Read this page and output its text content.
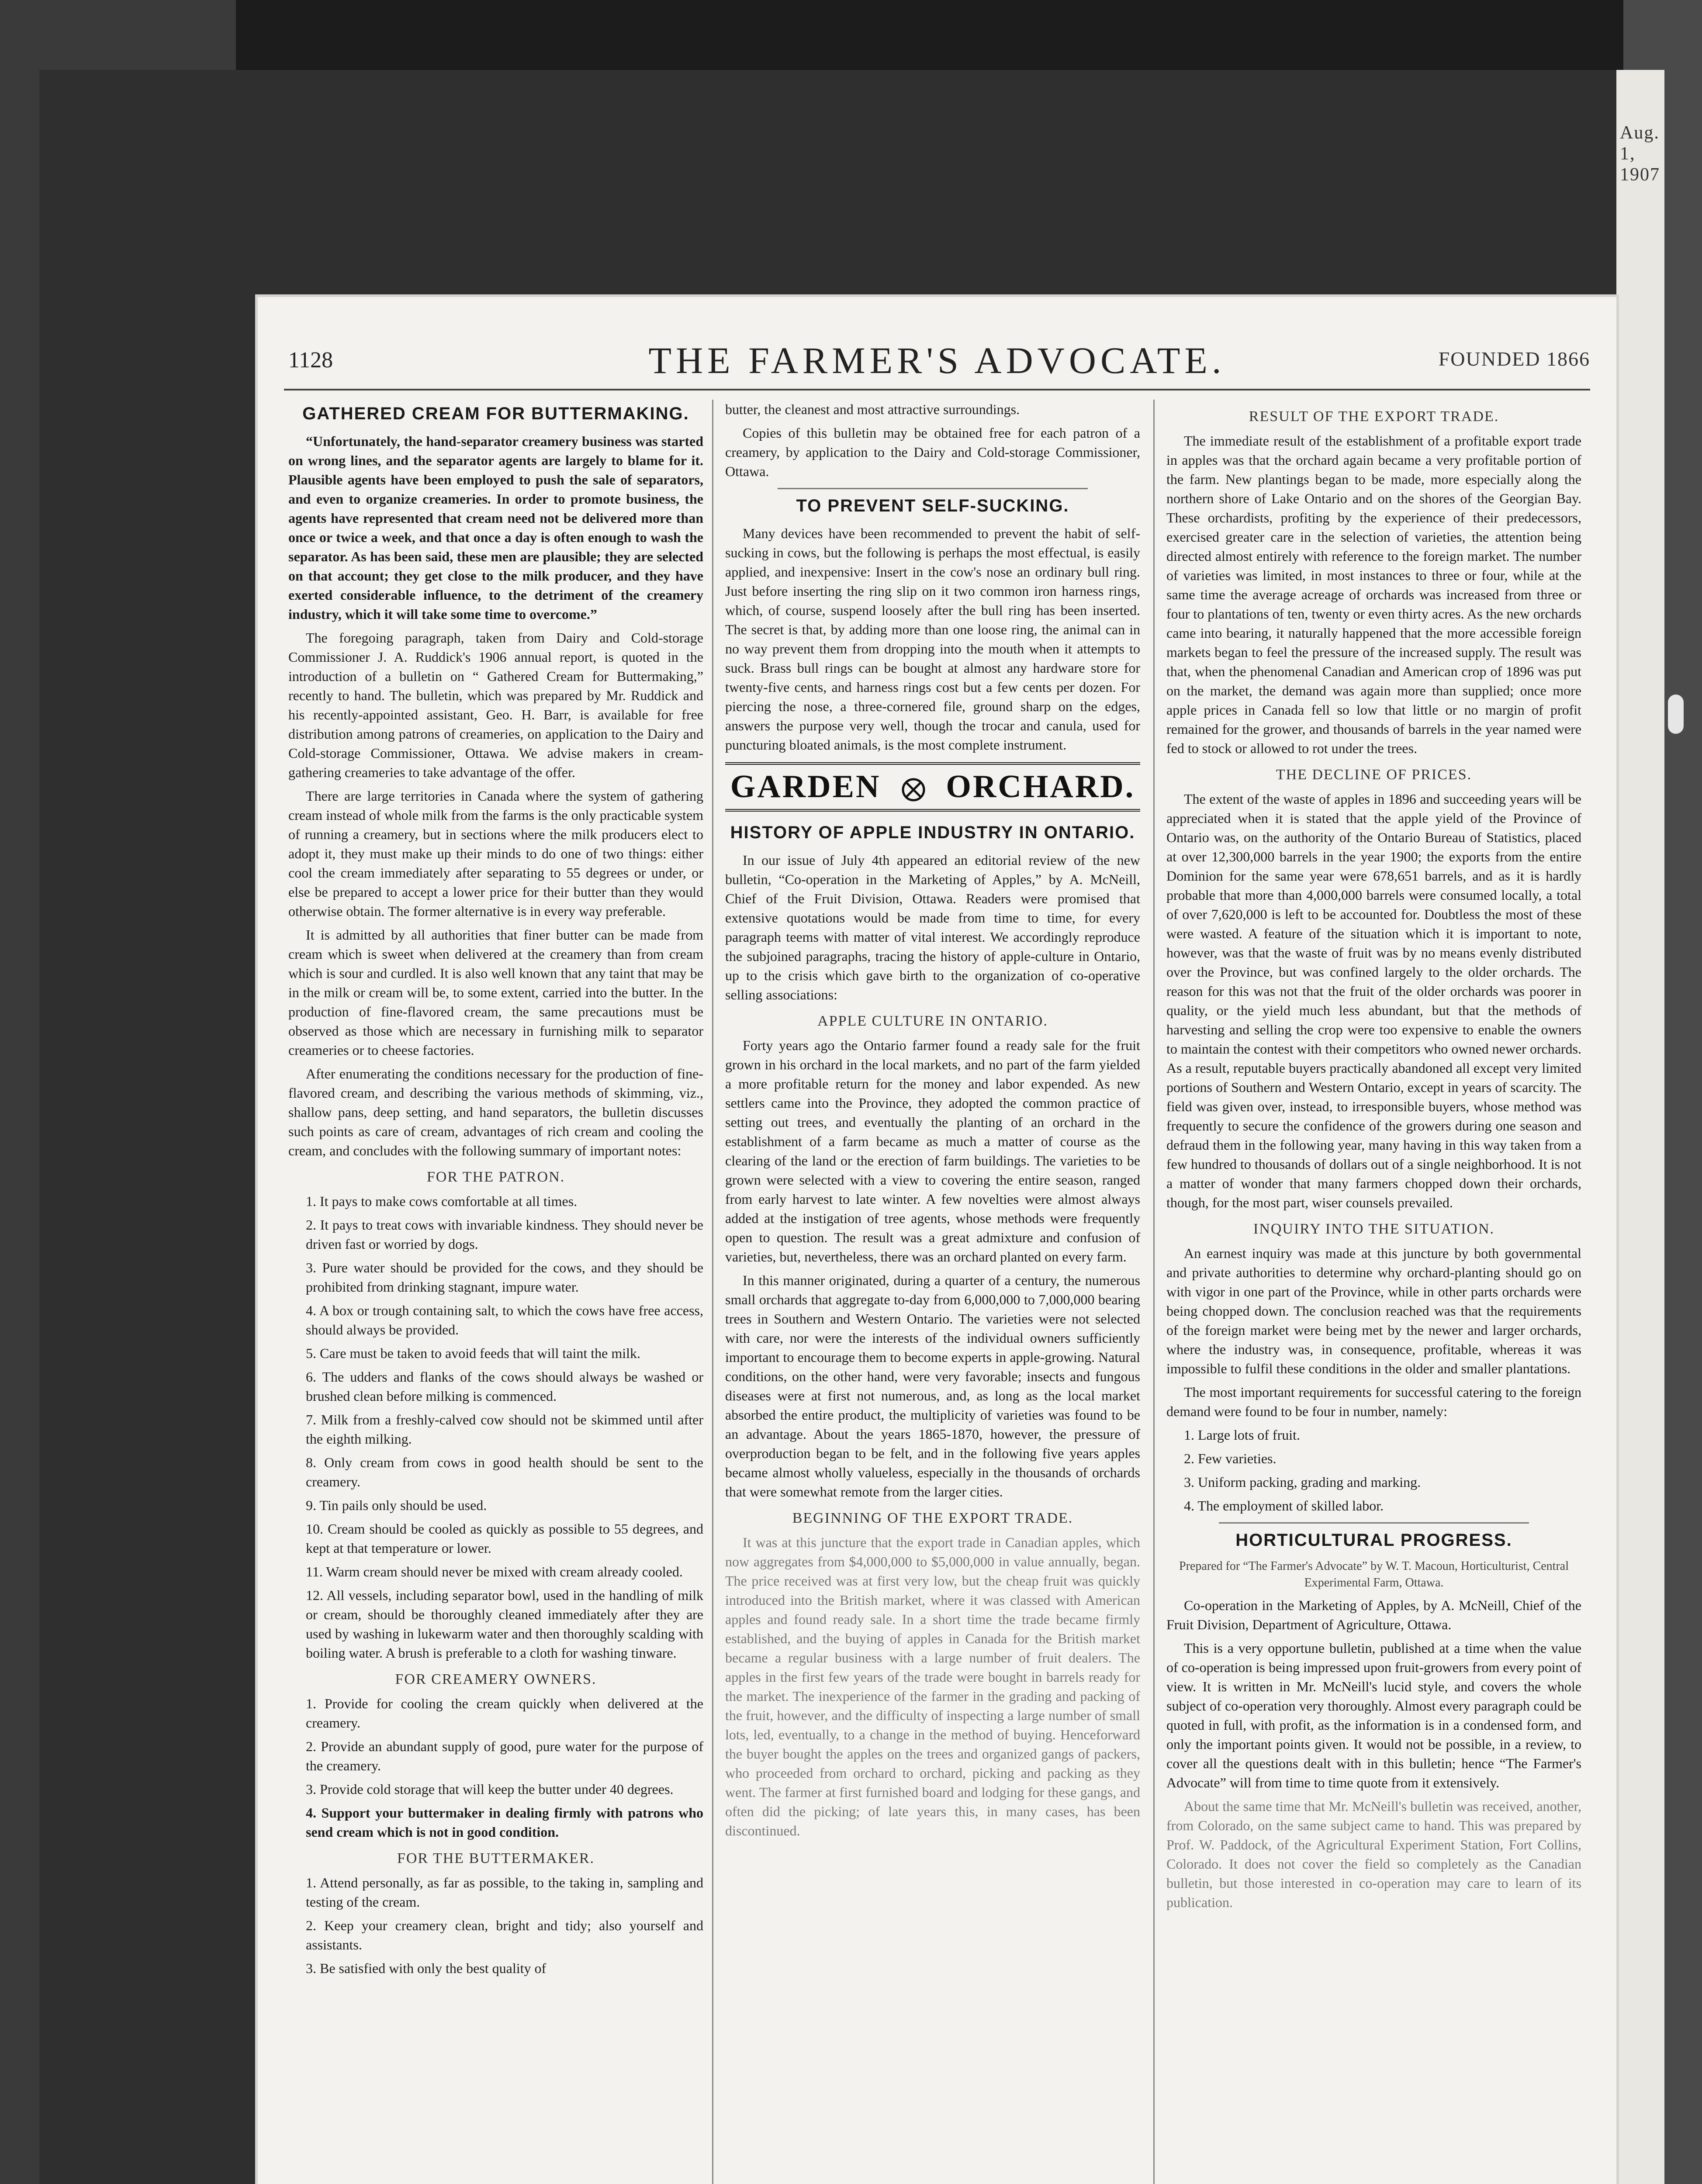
Aug. 1, 1907
THE FARMER'S ADVOCATE.
1128	FOUNDED 1866
GATHERED CREAM FOR BUTTERMAKING.

“Unfortunately, the hand-separator creamery business was started on wrong lines, and the separator agents are largely to blame for it. Plausible agents have been employed to push the sale of separators, and even to organize creameries. In order to promote business, the agents have represented that cream need not be delivered more than once or twice a week, and that once a day is often enough to wash the separator. As has been said, these men are plausible; they are selected on that account; they get close to the milk producer, and they have exerted considerable influence, to the detriment of the creamery industry, which it will take some time to overcome.”

The foregoing paragraph, taken from Dairy and Cold-storage Commissioner J. A. Ruddick's 1906 annual report, is quoted in the introduction of a bulletin on “ Gathered Cream for Buttermaking,” recently to hand. The bulletin, which was prepared by Mr. Ruddick and his recently-appointed assistant, Geo. H. Barr, is available for free distribution among patrons of creameries, on application to the Dairy and Cold-storage Commissioner, Ottawa. We advise makers in cream-gathering creameries to take advantage of the offer.

There are large territories in Canada where the system of gathering cream instead of whole milk from the farms is the only practicable system of running a creamery, but in sections where the milk producers elect to adopt it, they must make up their minds to do one of two things: either cool the cream immediately after separating to 55 degrees or under, or else be prepared to accept a lower price for their butter than they would otherwise obtain. The former alternative is in every way preferable.

It is admitted by all authorities that finer butter can be made from cream which is sweet when delivered at the creamery than from cream which is sour and curdled. It is also well known that any taint that may be in the milk or cream will be, to some extent, carried into the butter. In the production of fine-flavored cream, the same precautions must be observed as those which are necessary in furnishing milk to separator creameries or to cheese factories.

After enumerating the conditions necessary for the production of fine-flavored cream, and describing the various methods of skimming, viz., shallow pans, deep setting, and hand separators, the bulletin discusses such points as care of cream, advantages of rich cream and cooling the cream, and concludes with the following summary of important notes:

FOR THE PATRON.

1. It pays to make cows comfortable at all times.

2. It pays to treat cows with invariable kindness. They should never be driven fast or worried by dogs.

3. Pure water should be provided for the cows, and they should be prohibited from drinking stagnant, impure water.

4. A box or trough containing salt, to which the cows have free access, should always be provided.

5. Care must be taken to avoid feeds that will taint the milk.

6. The udders and flanks of the cows should always be washed or brushed clean before milking is commenced.

7. Milk from a freshly-calved cow should not be skimmed until after the eighth milking.

8. Only cream from cows in good health should be sent to the creamery.

9. Tin pails only should be used.

10. Cream should be cooled as quickly as possible to 55 degrees, and kept at that temperature or lower.

11. Warm cream should never be mixed with cream already cooled.

12. All vessels, including separator bowl, used in the handling of milk or cream, should be thoroughly cleaned immediately after they are used by washing in lukewarm water and then thoroughly scalding with boiling water. A brush is preferable to a cloth for washing tinware.

FOR CREAMERY OWNERS.

1. Provide for cooling the cream quickly when delivered at the creamery.

2. Provide an abundant supply of good, pure water for the purpose of the creamery.

3. Provide cold storage that will keep the butter under 40 degrees.

4. Support your buttermaker in dealing firmly with patrons who send cream which is not in good condition.

FOR THE BUTTERMAKER.

1. Attend personally, as far as possible, to the taking in, sampling and testing of the cream.

2. Keep your creamery clean, bright and tidy; also yourself and assistants.

3. Be satisfied with only the best quality of

butter, the cleanest and most attractive surroundings.

Copies of this bulletin may be obtained free for each patron of a creamery, by application to the Dairy and Cold-storage Commissioner, Ottawa.

TO PREVENT SELF-SUCKING.

Many devices have been recommended to prevent the habit of self-sucking in cows, but the following is perhaps the most effectual, is easily applied, and inexpensive: Insert in the cow's nose an ordinary bull ring. Just before inserting the ring slip on it two common iron harness rings, which, of course, suspend loosely after the bull ring has been inserted. The secret is that, by adding more than one loose ring, the animal can in no way prevent them from dropping into the mouth when it attempts to suck. Brass bull rings can be bought at almost any hardware store for twenty-five cents, and harness rings cost but a few cents per dozen. For piercing the nose, a three-cornered file, ground sharp on the edges, answers the purpose very well, though the trocar and canula, used for puncturing bloated animals, is the most complete instrument.

GARDEN ORCHARD.
HISTORY OF APPLE INDUSTRY IN ONTARIO.

In our issue of July 4th appeared an editorial review of the new bulletin, “Co-operation in the Marketing of Apples,” by A. McNeill, Chief of the Fruit Division, Ottawa. Readers were promised that extensive quotations would be made from time to time, for every paragraph teems with matter of vital interest. We accordingly reproduce the subjoined paragraphs, tracing the history of apple-culture in Ontario, up to the crisis which gave birth to the organization of co-operative selling associations:

APPLE CULTURE IN ONTARIO.

Forty years ago the Ontario farmer found a ready sale for the fruit grown in his orchard in the local markets, and no part of the farm yielded a more profitable return for the money and labor expended. As new settlers came into the Province, they adopted the common practice of setting out trees, and eventually the planting of an orchard in the establishment of a farm became as much a matter of course as the clearing of the land or the erection of farm buildings. The varieties to be grown were selected with a view to covering the entire season, ranged from early harvest to late winter. A few novelties were almost always added at the instigation of tree agents, whose methods were frequently open to question. The result was a great admixture and confusion of varieties, but, nevertheless, there was an orchard planted on every farm.

In this manner originated, during a quarter of a century, the numerous small orchards that aggregate to-day from 6,000,000 to 7,000,000 bearing trees in Southern and Western Ontario. The varieties were not selected with care, nor were the interests of the individual owners sufficiently important to encourage them to become experts in apple-growing. Natural conditions, on the other hand, were very favorable; insects and fungous diseases were at first not numerous, and, as long as the local market absorbed the entire product, the multiplicity of varieties was found to be an advantage. About the years 1865-1870, however, the pressure of overproduction began to be felt, and in the following five years apples became almost wholly valueless, especially in the thousands of orchards that were somewhat remote from the larger cities.

BEGINNING OF THE EXPORT TRADE.

It was at this juncture that the export trade in Canadian apples, which now aggregates from $4,000,000 to $5,000,000 in value annually, began. The price received was at first very low, but the cheap fruit was quickly introduced into the British market, where it was classed with American apples and found ready sale. In a short time the trade became firmly established, and the buying of apples in Canada for the British market became a regular business with a large number of fruit dealers. The apples in the first few years of the trade were bought in barrels ready for the market. The inexperience of the farmer in the grading and packing of the fruit, however, and the difficulty of inspecting a large number of small lots, led, eventually, to a change in the method of buying. Henceforward the buyer bought the apples on the trees and organized gangs of packers, who proceeded from orchard to orchard, picking and packing as they went. The farmer at first furnished board and lodging for these gangs, and often did the picking; of late years this, in many cases, has been discontinued.

RESULT OF THE EXPORT TRADE.

The immediate result of the establishment of a profitable export trade in apples was that the orchard again became a very profitable portion of the farm. New plantings began to be made, more especially along the northern shore of Lake Ontario and on the shores of the Georgian Bay. These orchardists, profiting by the experience of their predecessors, exercised greater care in the selection of varieties, the attention being directed almost entirely with reference to the foreign market. The number of varieties was limited, in most instances to three or four, while at the same time the average acreage of orchards was increased from three or four to plantations of ten, twenty or even thirty acres. As the new orchards came into bearing, it naturally happened that the more accessible foreign markets began to feel the pressure of the increased supply. The result was that, when the phenomenal Canadian and American crop of 1896 was put on the market, the demand was again more than supplied; once more apple prices in Canada fell so low that little or no margin of profit remained for the grower, and thousands of barrels in the year named were fed to stock or allowed to rot under the trees.

THE DECLINE OF PRICES.

The extent of the waste of apples in 1896 and succeeding years will be appreciated when it is stated that the apple yield of the Province of Ontario was, on the authority of the Ontario Bureau of Statistics, placed at over 12,300,000 barrels in the year 1900; the exports from the entire Dominion for the same year were 678,651 barrels, and as it is hardly probable that more than 4,000,000 barrels were consumed locally, a total of over 7,620,000 is left to be accounted for. Doubtless the most of these were wasted. A feature of the situation which it is important to note, however, was that the waste of fruit was by no means evenly distributed over the Province, but was confined largely to the older orchards. The reason for this was not that the fruit of the older orchards was poorer in quality, or the yield much less abundant, but that the methods of harvesting and selling the crop were too expensive to enable the owners to maintain the contest with their competitors who owned newer orchards. As a result, reputable buyers practically abandoned all except very limited portions of Southern and Western Ontario, except in years of scarcity. The field was given over, instead, to irresponsible buyers, whose method was frequently to secure the confidence of the growers during one season and defraud them in the following year, many having in this way taken from a few hundred to thousands of dollars out of a single neighborhood. It is not a matter of wonder that many farmers chopped down their orchards, though, for the most part, wiser counsels prevailed.

INQUIRY INTO THE SITUATION.

An earnest inquiry was made at this juncture by both governmental and private authorities to determine why orchard-planting should go on with vigor in one part of the Province, while in other parts orchards were being chopped down. The conclusion reached was that the requirements of the foreign market were being met by the newer and larger orchards, where the industry was, in consequence, profitable, whereas it was impossible to fulfil these conditions in the older and smaller plantations.

The most important requirements for successful catering to the foreign demand were found to be four in number, namely:

1. Large lots of fruit.

2. Few varieties.

3. Uniform packing, grading and marking.

4. The employment of skilled labor.

HORTICULTURAL PROGRESS.

Prepared for “The Farmer's Advocate” by W. T. Macoun, Horticulturist, Central Experimental Farm, Ottawa.

Co-operation in the Marketing of Apples, by A. McNeill, Chief of the Fruit Division, Department of Agriculture, Ottawa.

This is a very opportune bulletin, published at a time when the value of co-operation is being impressed upon fruit-growers from every point of view. It is written in Mr. McNeill's lucid style, and covers the whole subject of co-operation very thoroughly. Almost every paragraph could be quoted in full, with profit, as the information is in a condensed form, and only the important points given. It would not be possible, in a review, to cover all the questions dealt with in this bulletin; hence “The Farmer's Advocate” will from time to time quote from it extensively.

About the same time that Mr. McNeill's bulletin was received, another, from Colorado, on the same subject came to hand. This was prepared by Prof. W. Paddock, of the Agricultural Experiment Station, Fort Collins, Colorado. It does not cover the field so completely as the Canadian bulletin, but those interested in co-operation may care to learn of its publication.
